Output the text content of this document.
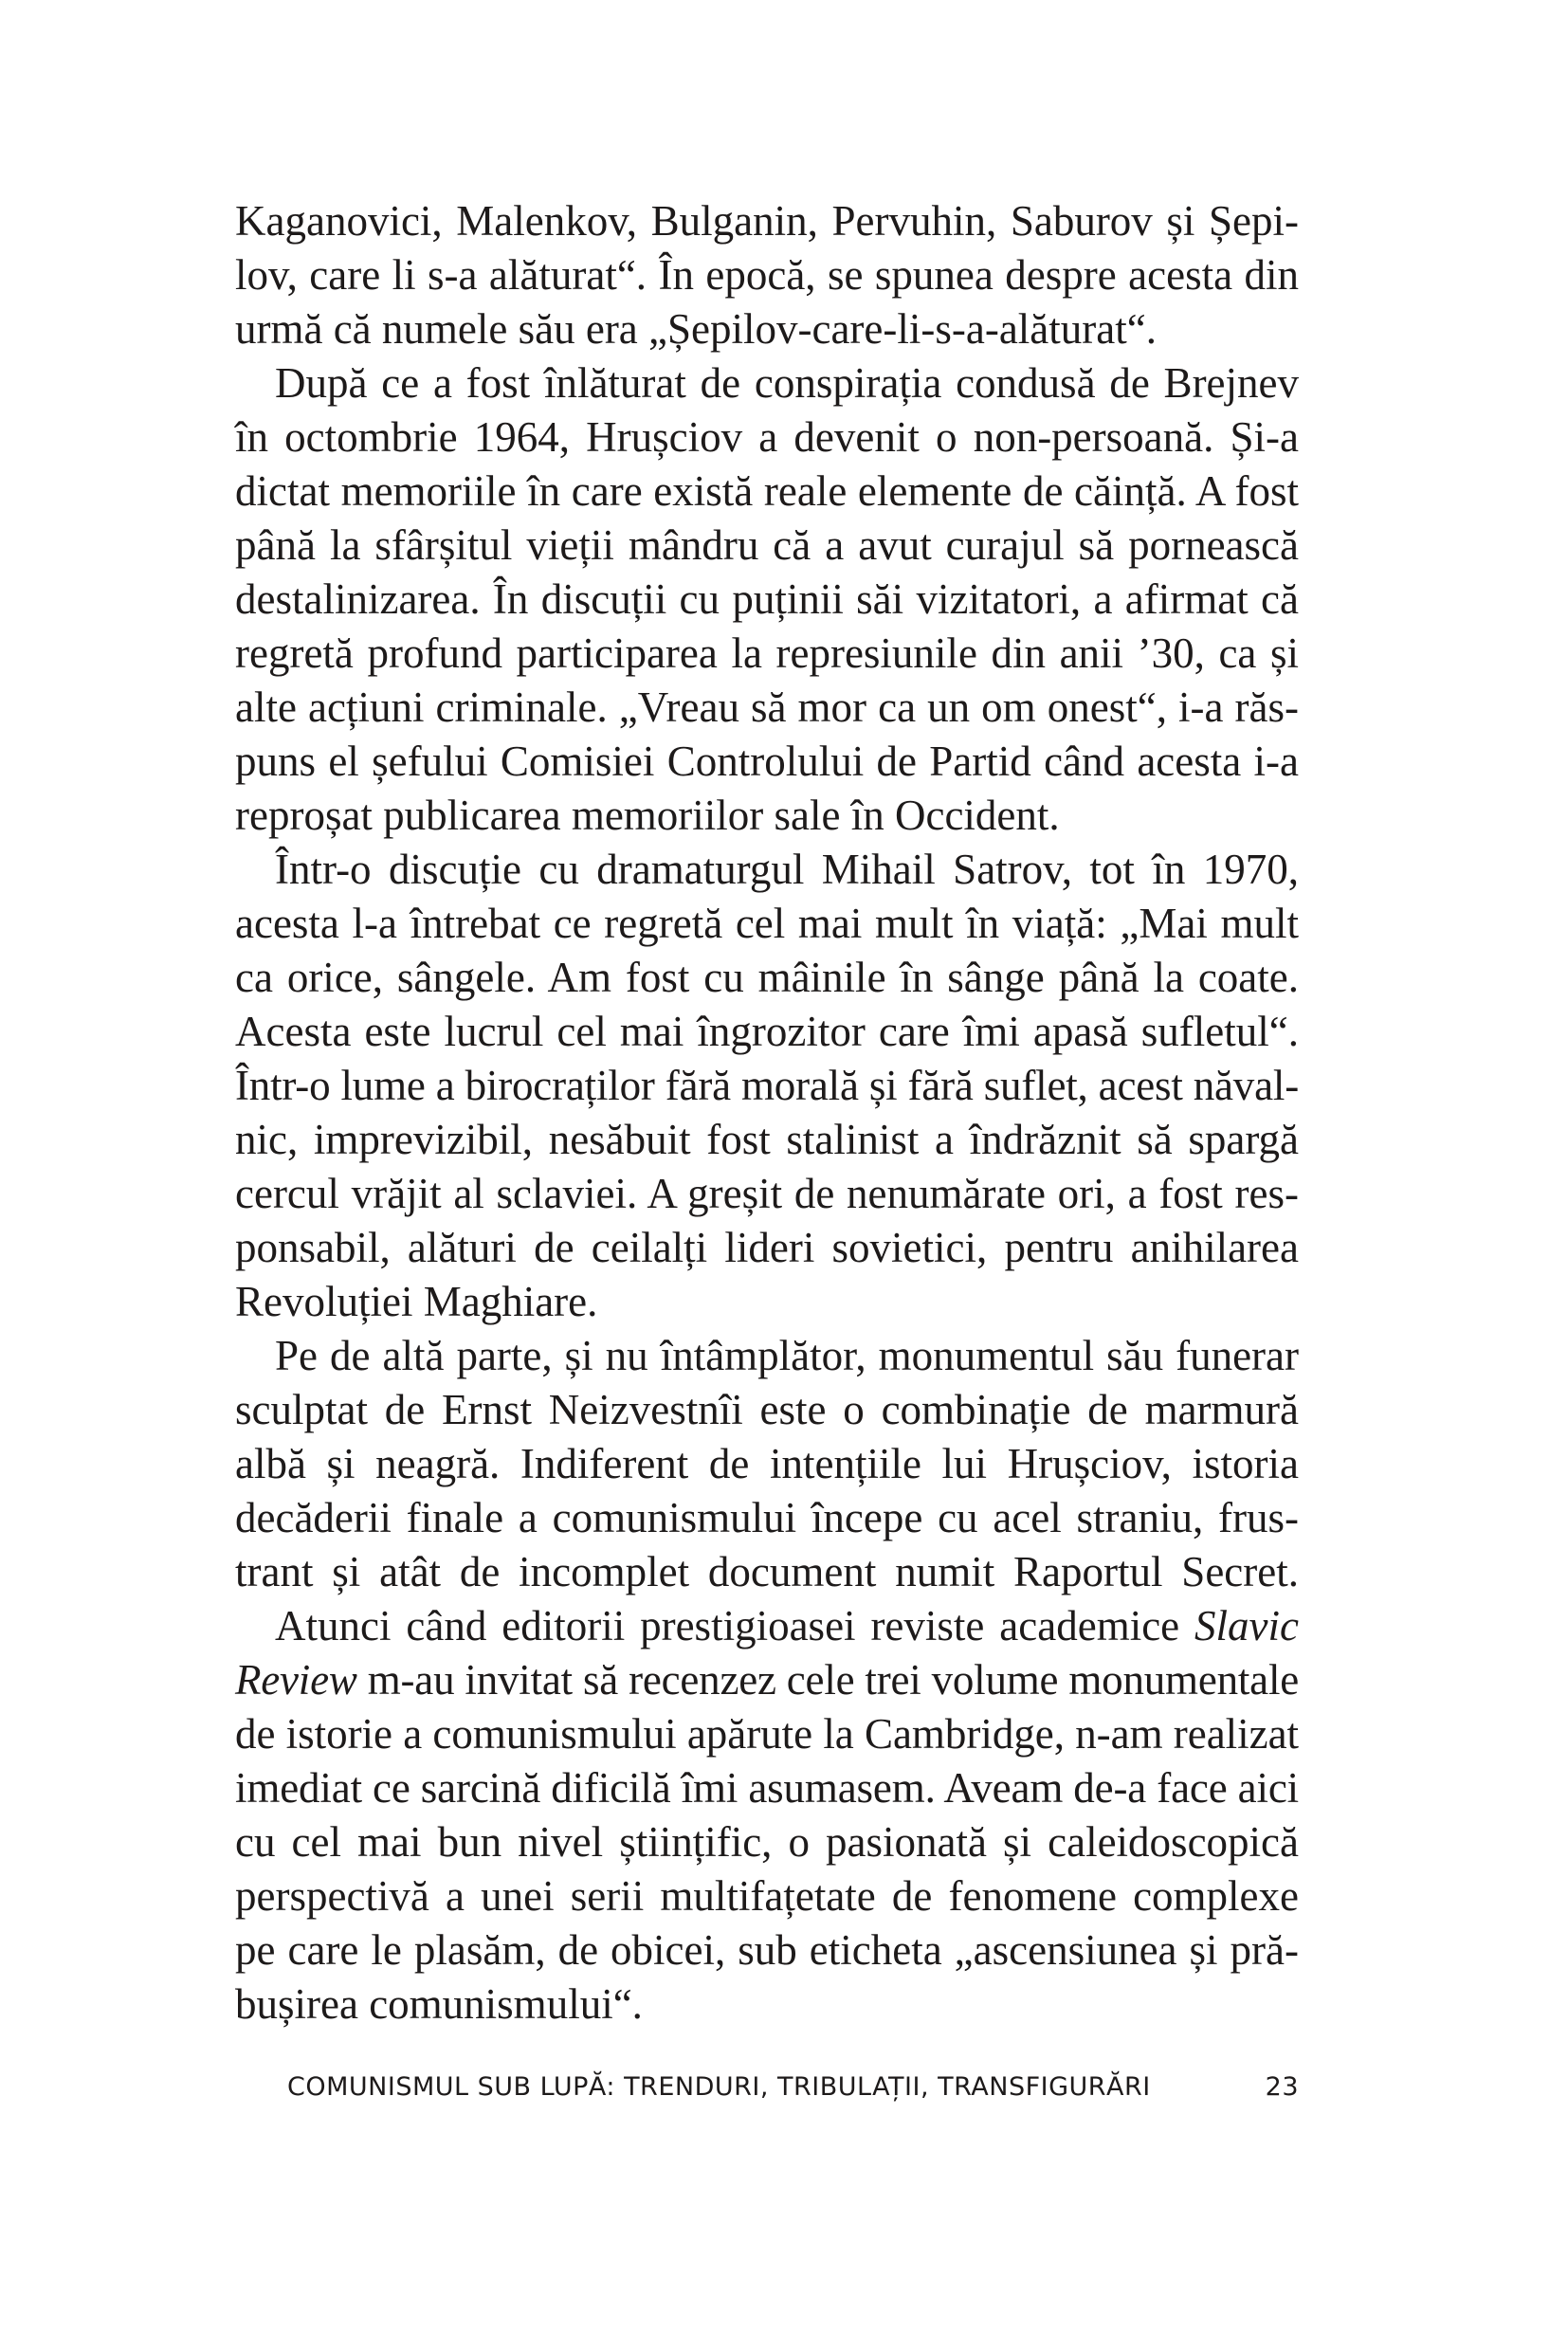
Kaganovici, Malenkov, Bulganin, Pervuhin, Saburov și Șepi-
lov, care li s-a alăturat“. În epocă, se spunea despre acesta din
urmă că numele său era „Șepilov-care-li-s-a-alăturat“.
După ce a fost înlăturat de conspirația condusă de Brejnev
în octombrie 1964, Hrușciov a devenit o non-persoană. Și-a
dictat memoriile în care există reale elemente de căință. A fost
până la sfârșitul vieții mândru că a avut curajul să pornească
destalinizarea. În discuții cu puținii săi vizitatori, a afirmat că
regretă profund participarea la represiunile din anii ’30, ca și
alte acțiuni criminale. „Vreau să mor ca un om onest“, i-a răs-
puns el șefului Comisiei Controlului de Partid când acesta i-a
reproșat publicarea memoriilor sale în Occident.
Într-o discuție cu dramaturgul Mihail Satrov, tot în 1970,
acesta l-a întrebat ce regretă cel mai mult în viață: „Mai mult
ca orice, sângele. Am fost cu mâinile în sânge până la coate.
Acesta este lucrul cel mai îngrozitor care îmi apasă sufletul“.
Într-o lume a birocraților fără morală și fără suflet, acest năval-
nic, imprevizibil, nesăbuit fost stalinist a îndrăznit să spargă
cercul vrăjit al sclaviei. A greșit de nenumărate ori, a fost res-
ponsabil, alături de ceilalți lideri sovietici, pentru anihilarea
Revoluției Maghiare.
Pe de altă parte, și nu întâmplător, monumentul său funerar
sculptat de Ernst Neizvestnîi este o combinație de marmură
albă și neagră. Indiferent de intențiile lui Hrușciov, istoria
decăderii finale a comunismului începe cu acel straniu, frus-
trant și atât de incomplet document numit Raportul Secret.
Atunci când editorii prestigioasei reviste academice Slavic
Review m-au invitat să recenzez cele trei volume monumentale
de istorie a comunismului apărute la Cambridge, n-am realizat
imediat ce sarcină dificilă îmi asumasem. Aveam de-a face aici
cu cel mai bun nivel științific, o pasionată și caleidoscopică
perspectivă a unei serii multifațetate de fenomene complexe
pe care le plasăm, de obicei, sub eticheta „ascensiunea și pră-
bușirea comunismului“.
COMUNISMUL SUB LUPĂ: TRENDURI, TRIBULAȚII, TRANSFIGURĂRI	23
